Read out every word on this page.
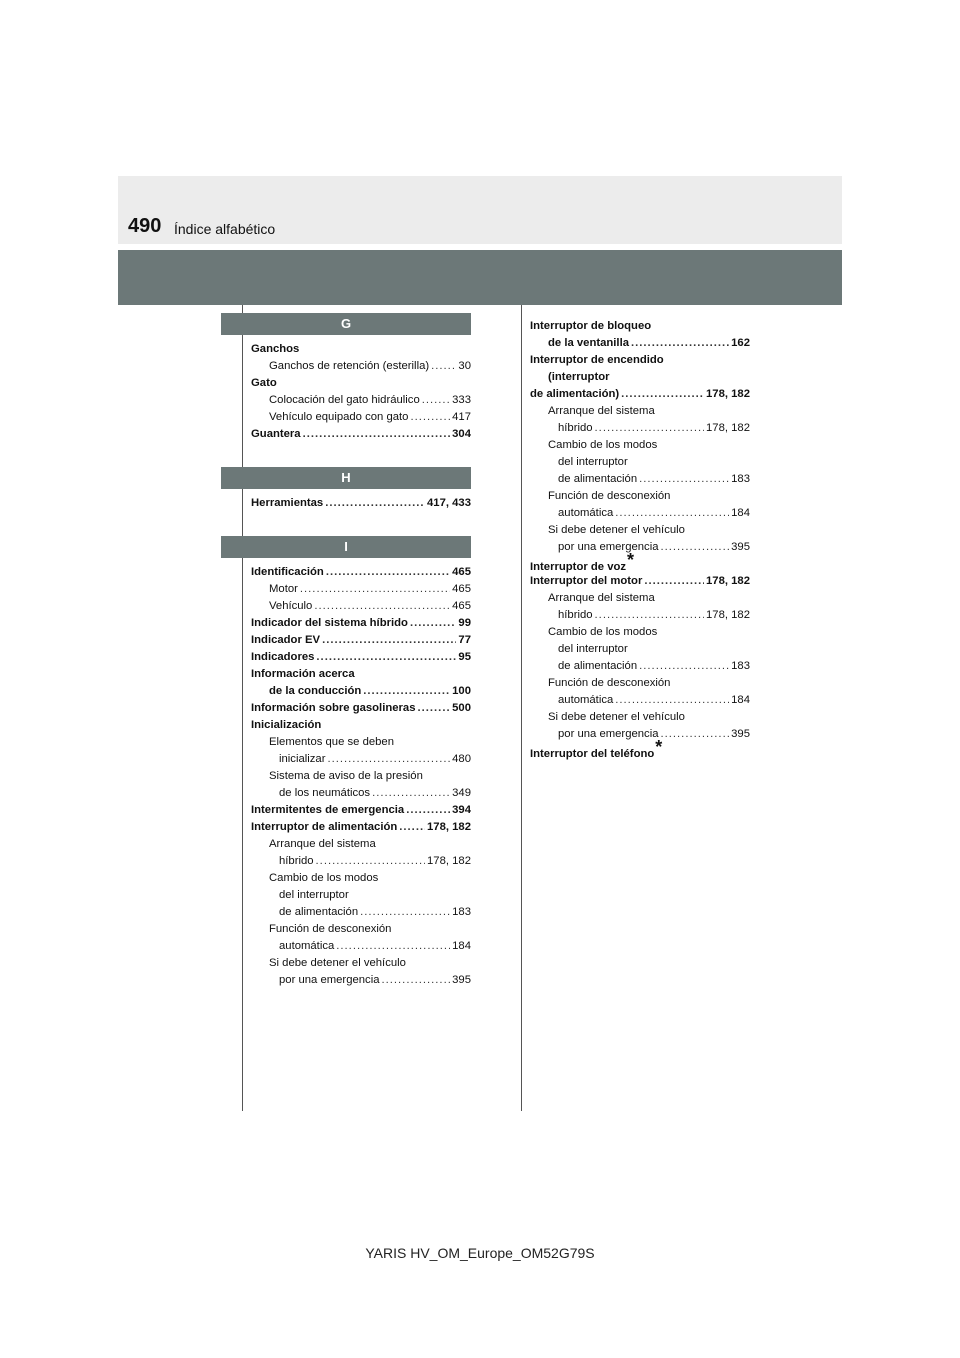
490 Índice alfabético
G
Ganchos
Ganchos de retención (esterilla) .....	30
Gato
Colocación del gato hidráulico .....	333
Vehículo equipado con gato .....	417
Guantera .....	304
H
Herramientas .....	417, 433
I
Identificación .....	465
Motor .....	465
Vehículo .....	465
Indicador del sistema híbrido .....	99
Indicador EV .....	77
Indicadores .....	95
Información acerca
de la conducción .....	100
Información sobre gasolineras .....	500
Inicialización
Elementos que se deben
inicializar .....	480
Sistema de aviso de la presión
de los neumáticos .....	349
Intermitentes de emergencia .....	394
Interruptor de alimentación .....	178, 182
Arranque del sistema
híbrido .....	178, 182
Cambio de los modos
del interruptor
de alimentación .....	183
Función de desconexión
automática .....	184
Si debe detener el vehículo
por una emergencia .....	395
Interruptor de bloqueo
de la ventanilla .....	162
Interruptor de encendido
(interruptor
de alimentación) .....	178, 182
Arranque del sistema
híbrido .....	178, 182
Cambio de los modos
del interruptor
de alimentación .....	183
Función de desconexión
automática .....	184
Si debe detener el vehículo
por una emergencia .....	395
Interruptor de voz *
Interruptor del motor .....	178, 182
Arranque del sistema
híbrido .....	178, 182
Cambio de los modos
del interruptor
de alimentación .....	183
Función de desconexión
automática .....	184
Si debe detener el vehículo
por una emergencia .....	395
Interruptor del teléfono *
YARIS HV_OM_Europe_OM52G79S
